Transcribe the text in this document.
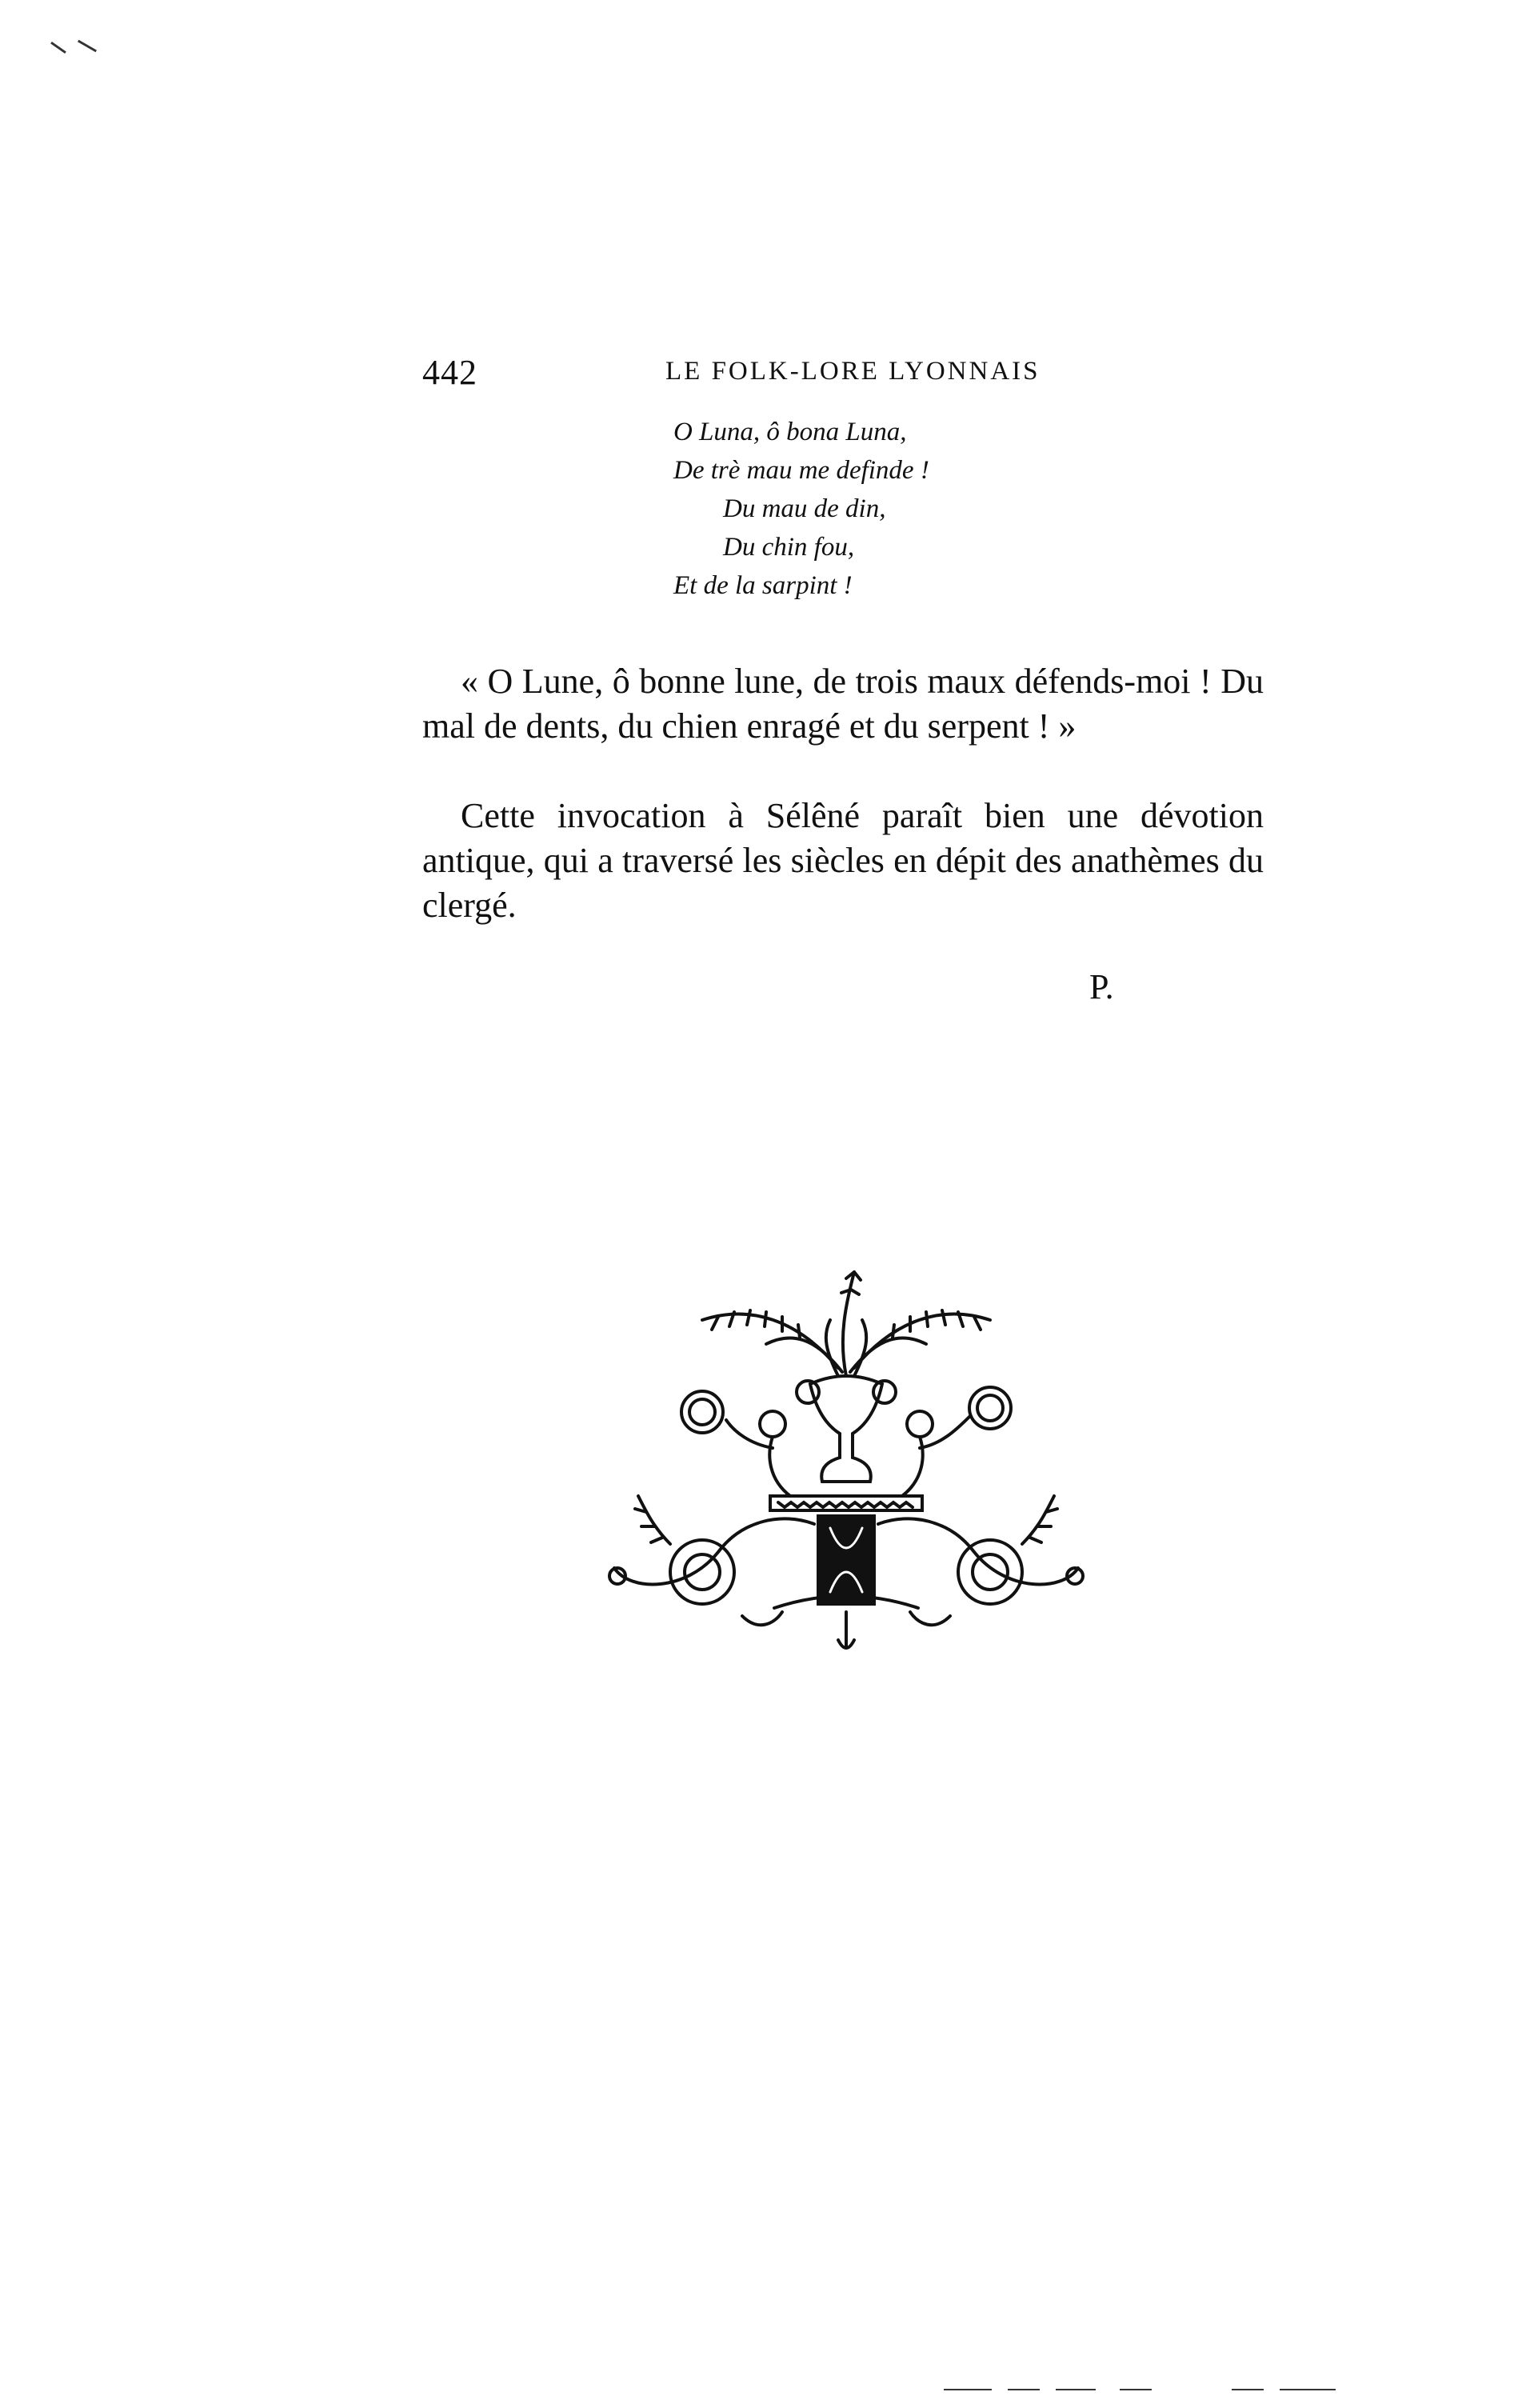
442	LE FOLK-LORE LYONNAIS
O Luna, ô bona Luna,
De trè mau me definde !
Du mau de din,
Du chin fou,
Et de la sarpint !

« O Lune, ô bonne lune, de trois maux défends-moi ! Du mal de dents, du chien enragé et du serpent ! »

Cette invocation à Sélêné paraît bien une dévotion antique, qui a traversé les siècles en dépit des anathèmes du clergé.

P.
